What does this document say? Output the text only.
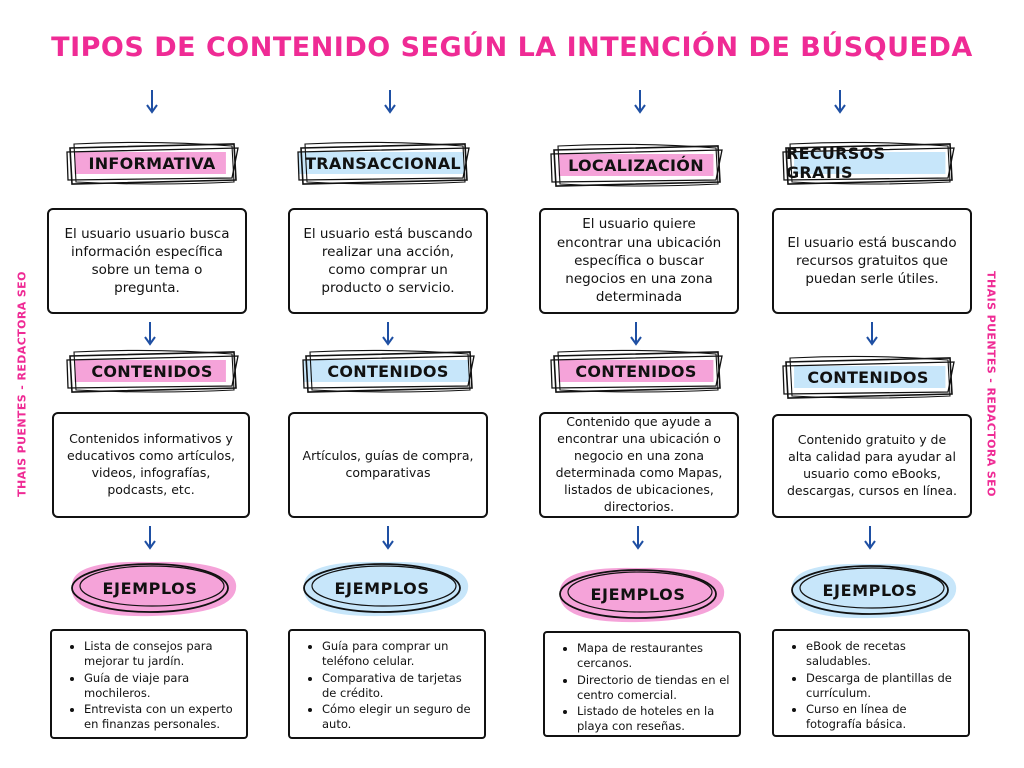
TIPOS DE CONTENIDO SEGÚN LA INTENCIÓN DE BÚSQUEDA
THAIS PUENTES - REDACTORA SEO	THAIS PUENTES - REDACTORA SEO
INFORMATIVA
El usuario usuario busca información específica sobre un tema o pregunta.
CONTENIDOS
Contenidos informativos y educativos como artículos, videos, infografías, podcasts, etc.
EJEMPLOS
• Lista de consejos para mejorar tu jardín.
• Guía de viaje para mochileros.
• Entrevista con un experto en finanzas personales.
TRANSACCIONAL
El usuario está buscando realizar una acción, como comprar un producto o servicio.
CONTENIDOS
Artículos, guías de compra, comparativas
EJEMPLOS
• Guía para comprar un teléfono celular.
• Comparativa de tarjetas de crédito.
• Cómo elegir un seguro de auto.
LOCALIZACIÓN
El usuario quiere encontrar una ubicación específica o buscar negocios en una zona determinada
CONTENIDOS
Contenido que ayude a encontrar una ubicación o negocio en una zona determinada como Mapas, listados de ubicaciones, directorios.
EJEMPLOS
• Mapa de restaurantes cercanos.
• Directorio de tiendas en el centro comercial.
• Listado de hoteles en la playa con reseñas.
RECURSOS GRATIS
El usuario está buscando recursos gratuitos que puedan serle útiles.
CONTENIDOS
Contenido gratuito y de alta calidad para ayudar al usuario como eBooks, descargas, cursos en línea.
EJEMPLOS
• eBook de recetas saludables.
• Descarga de plantillas de currículum.
• Curso en línea de fotografía básica.
